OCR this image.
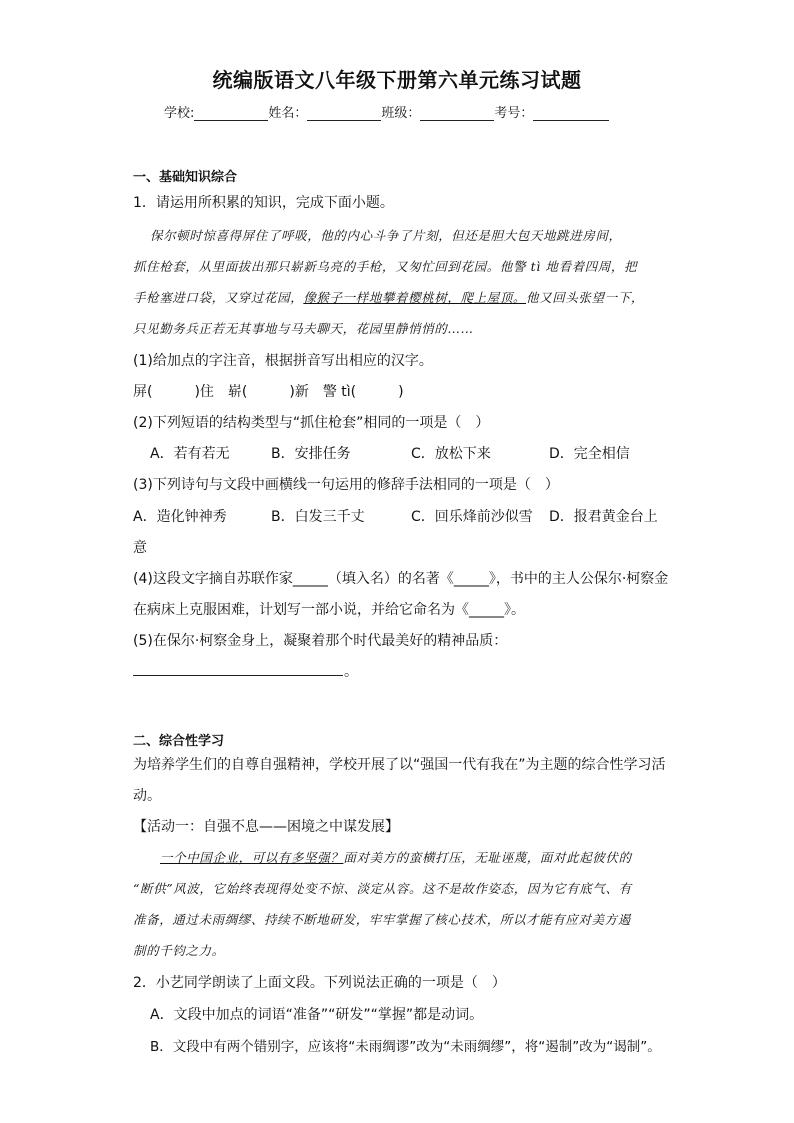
统编版语文八年级下册第六单元练习试题
学校:	姓名：	班级：	考号：
一、基础知识综合
1．请运用所积累的知识，完成下面小题。
保尔顿时惊喜得屏住了呼吸，他的内心斗争了片刻，但还是胆大包天地跳进房间，
抓住枪套，从里面拔出那只崭新乌亮的手枪，又匆忙回到花园。他警 tì 地看着四周，把
手枪塞进口袋，又穿过花园，像猴子一样地攀着樱桃树，爬上屋顶。他又回头张望一下，
只见勤务兵正若无其事地与马夫聊天，花园里静悄悄的……
(1)给加点的字注音，根据拼音写出相应的汉字。
屏(　　　)住　崭(　　　)新　警 tì(　　　)
(2)下列短语的结构类型与“抓住枪套”相同的一项是（　）
A．若有若无	B．安排任务	C．放松下来	D．完全相信
(3)下列诗句与文段中画横线一句运用的修辞手法相同的一项是（　）
A．造化钟神秀	B．白发三千丈	C．回乐烽前沙似雪 D．报君黄金台上
意
(4)这段文字摘自苏联作家_____（填入名）的名著《_____》，书中的主人公保尔·柯察金
在病床上克服困难，计划写一部小说，并给它命名为《_____》。
(5)在保尔·柯察金身上，凝聚着那个时代最美好的精神品质：
。
二、综合性学习
为培养学生们的自尊自强精神，学校开展了以“强国一代有我在”为主题的综合性学习活
动。
【活动一：自强不息——困境之中谋发展】
一个中国企业，可以有多坚强？面对美方的蛮横打压，无耻诬蔑，面对此起彼伏的
“断供”风波，它始终表现得处变不惊、淡定从容。这不是故作姿态，因为它有底气、有
准备，通过未雨绸缪、持续不断地研发，牢牢掌握了核心技术，所以才能有应对美方遏
制的千钧之力。
2．小艺同学朗读了上面文段。下列说法正确的一项是（　）
A．文段中加点的词语“准备”“研发”“掌握”都是动词。
B．文段中有两个错别字，应该将“未雨绸谬”改为“未雨绸缪”，将“遏制”改为“谒制”。
